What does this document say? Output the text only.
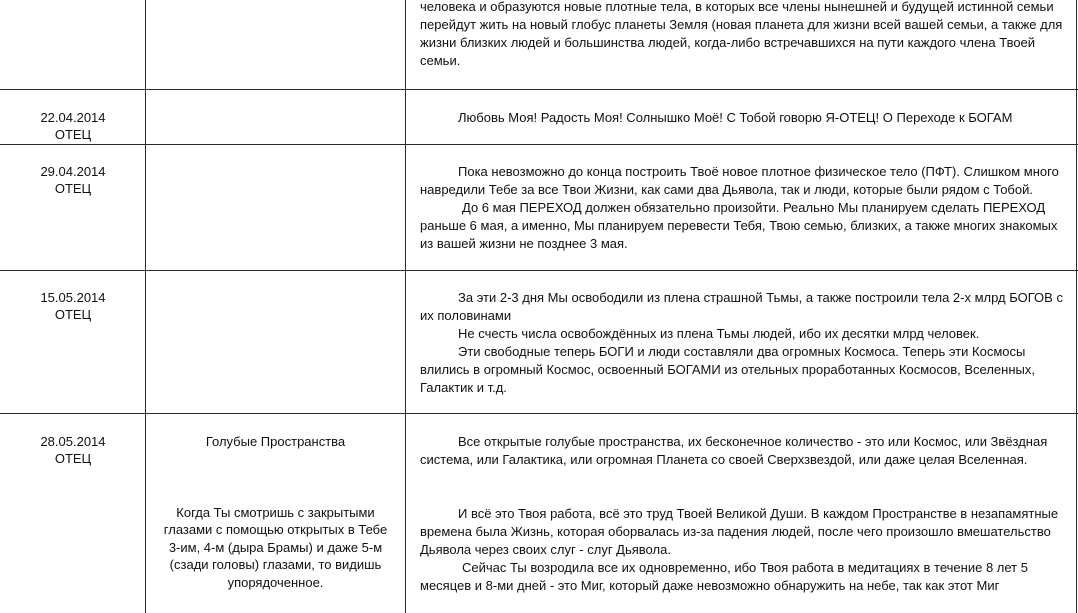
человека и образуются новые плотные тела, в которых все члены нынешней и будущей истинной семьи перейдут жить на новый глобус планеты Земля (новая планета для жизни всей вашей семьи, а также для жизни близких людей и большинства людей, когда-либо встречавшихся на пути каждого члена Твоей семьи.

22.04.2014
ОТЕЦ

Любовь Моя! Радость Моя! Солнышко Моё! С Тобой говорю Я-ОТЕЦ! О Переходе к БОГАМ

29.04.2014
ОТЕЦ

Пока невозможно до конца построить Твоё новое плотное физическое тело (ПФТ). Слишком много навредили Тебе за все Твои Жизни, как сами два Дьявола, так и люди, которые были рядом с Тобой.

До 6 мая ПЕРЕХОД должен обязательно произойти. Реально Мы планируем сделать ПЕРЕХОД раньше 6 мая, а именно, Мы планируем перевести Тебя, Твою семью, близких, а также многих знакомых из вашей жизни не позднее 3 мая.

15.05.2014
ОТЕЦ

За эти 2-3 дня Мы освободили из плена страшной Тьмы, а также построили тела 2-х млрд БОГОВ с их половинами

Не счесть числа освобождённых из плена Тьмы людей, ибо их десятки млрд человек.

Эти свободные теперь БОГИ и люди составляли два огромных Космоса. Теперь эти Космосы влились в огромный Космос, освоенный БОГАМИ из отельных проработанных Космосов, Вселенных, Галактик и т.д.

28.05.2014
ОТЕЦ
Голубые Пространства
Когда Ты смотришь с закрытыми глазами с помощью открытых в Тебе 3-им, 4-м (дыра Брамы) и даже 5-м (сзади головы) глазами, то видишь упорядоченное.

Все открытые голубые пространства, их бесконечное количество - это или Космос, или Звёздная система, или Галактика, или огромная Планета со своей Сверхзвездой, или даже целая Вселенная.

И всё это Твоя работа, всё это труд Твоей Великой Души. В каждом Пространстве в незапамятные времена была Жизнь, которая оборвалась из-за падения людей, после чего произошло вмешательство Дьявола через своих слуг - слуг Дьявола.

Сейчас Ты возродила все их одновременно, ибо Твоя работа в медитациях в течение 8 лет 5 месяцев и 8-ми дней - это Миг, который даже невозможно обнаружить на небе, так как этот Миг
